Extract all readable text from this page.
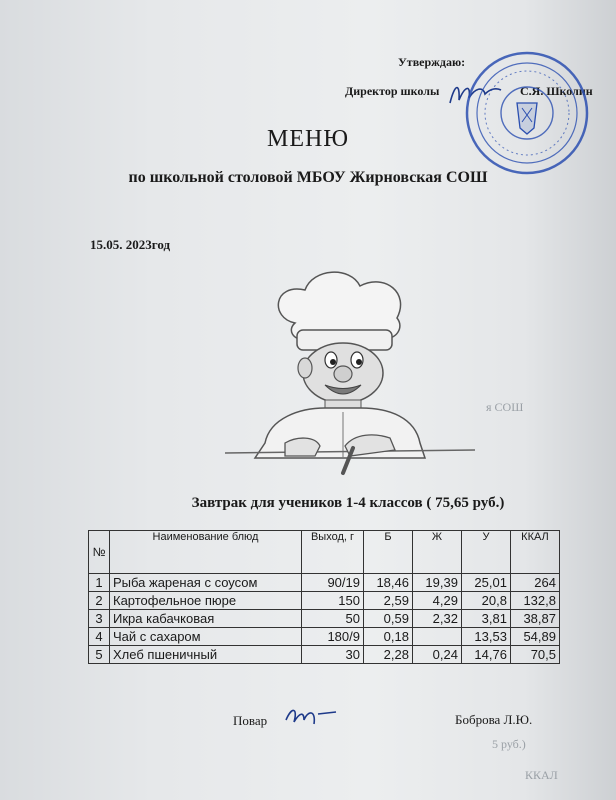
Утверждаю:
Директор школы	С.Я. Школин
МЕНЮ
по школьной столовой МБОУ Жирновская СОШ
15.05. 2023год
Завтрак для учеников 1-4 классов ( 75,65 руб.)
№	Наименование блюд	Выход, г	Б	Ж	У	ККАЛ
1	Рыба жареная с соусом	90/19	18,46	19,39	25,01	264
2	Картофельное пюре	150	2,59	4,29	20,8	132,8
3	Икра кабачковая	50	0,59	2,32	3,81	38,87
4	Чай с сахаром	180/9	0,18		13,53	54,89
5	Хлеб пшеничный	30	2,28	0,24	14,76	70,5
Повар	Боброва Л.Ю.
я СОШ
5 руб.)
ККАЛ
